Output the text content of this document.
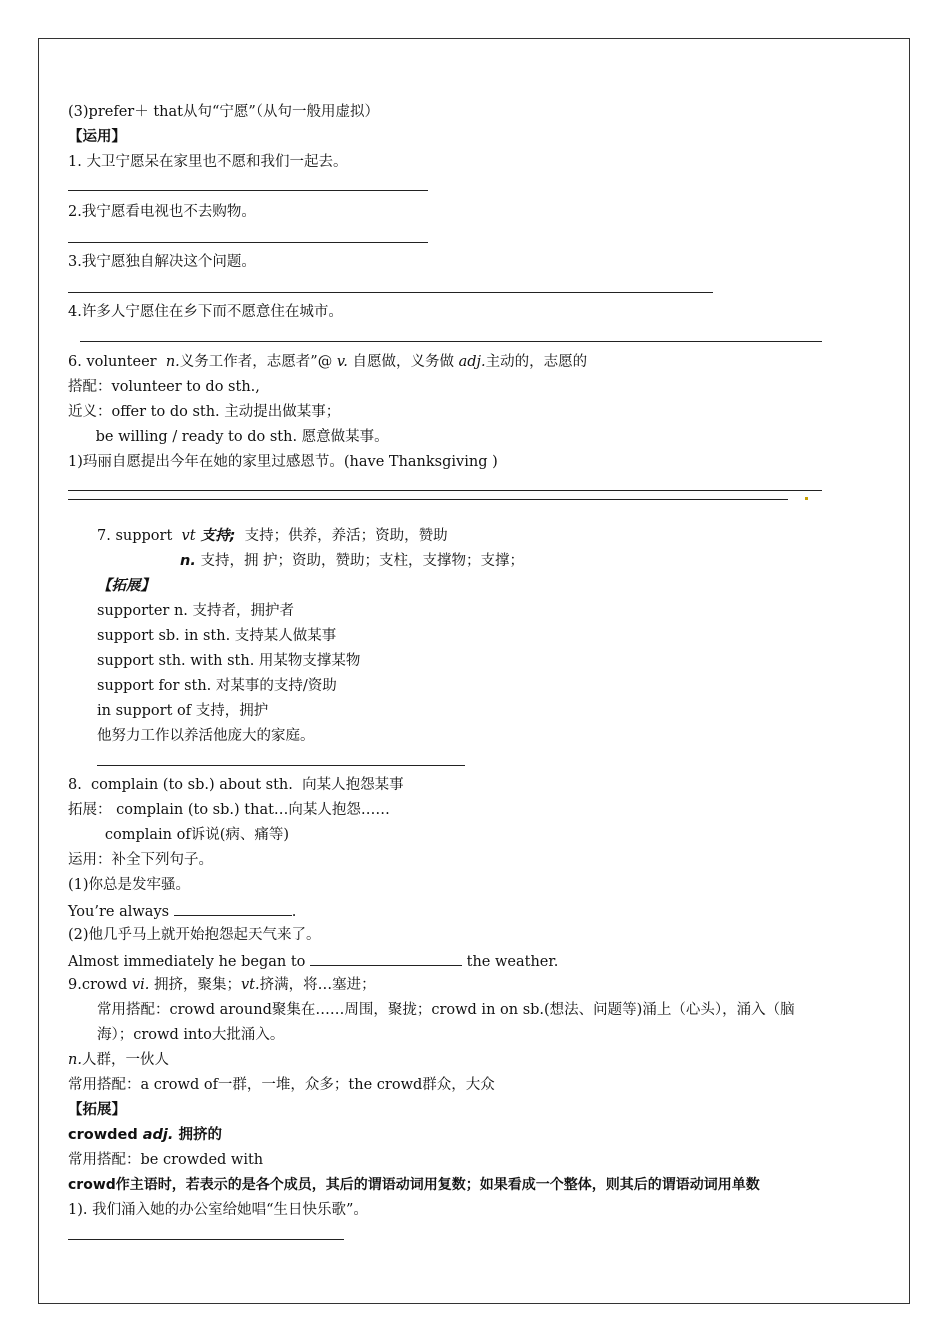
(3)prefer＋ that从句“宁愿”（从句一般用虚拟）
【运用】
1. 大卫宁愿呆在家里也不愿和我们一起去。
2.我宁愿看电视也不去购物。
3.我宁愿独自解决这个问题。
4.许多人宁愿住在乡下而不愿意住在城市。
6. volunteer  n.义务工作者，志愿者”@ v. 自愿做，义务做 adj.主动的，志愿的
搭配：volunteer to do sth.,
近义：offer to do sth. 主动提出做某事；
be willing / ready to do sth. 愿意做某事。
1)玛丽自愿提出今年在她的家里过感恩节。(have Thanksgiving )
7. support  vt 支持;  支持；供养，养活；资助，赞助
n. 支持，拥 护；资助，赞助；支柱，支撑物；支撑；
【拓展】
supporter n. 支持者，拥护者
support sb. in sth. 支持某人做某事
support sth. with sth. 用某物支撑某物
support for sth. 对某事的支持/资助
in support of 支持，拥护
他努力工作以养活他庞大的家庭。
8.  complain (to sb.) about sth.  向某人抱怨某事
拓展： complain (to sb.) that…向某人抱怨……
complain of诉说(病、痛等)
运用：补全下列句子。
(1)你总是发牢骚。
You’re always	.
(2)他几乎马上就开始抱怨起天气来了。
Almost immediately he began to	the weather.
9.crowd vi. 拥挤，聚集；vt.挤满，将…塞进；
常用搭配：crowd around聚集在……周围，聚拢；crowd in on sb.(想法、问题等)涌上（心头），涌入（脑
海）；crowd into大批涌入。
n.人群，一伙人
常用搭配：a crowd of一群，一堆，众多；the crowd群众，大众
【拓展】
crowded adj. 拥挤的
常用搭配：be crowded with
crowd作主语时，若表示的是各个成员，其后的谓语动词用复数；如果看成一个整体，则其后的谓语动词用单数
1). 我们涌入她的办公室给她唱“生日快乐歌”。
